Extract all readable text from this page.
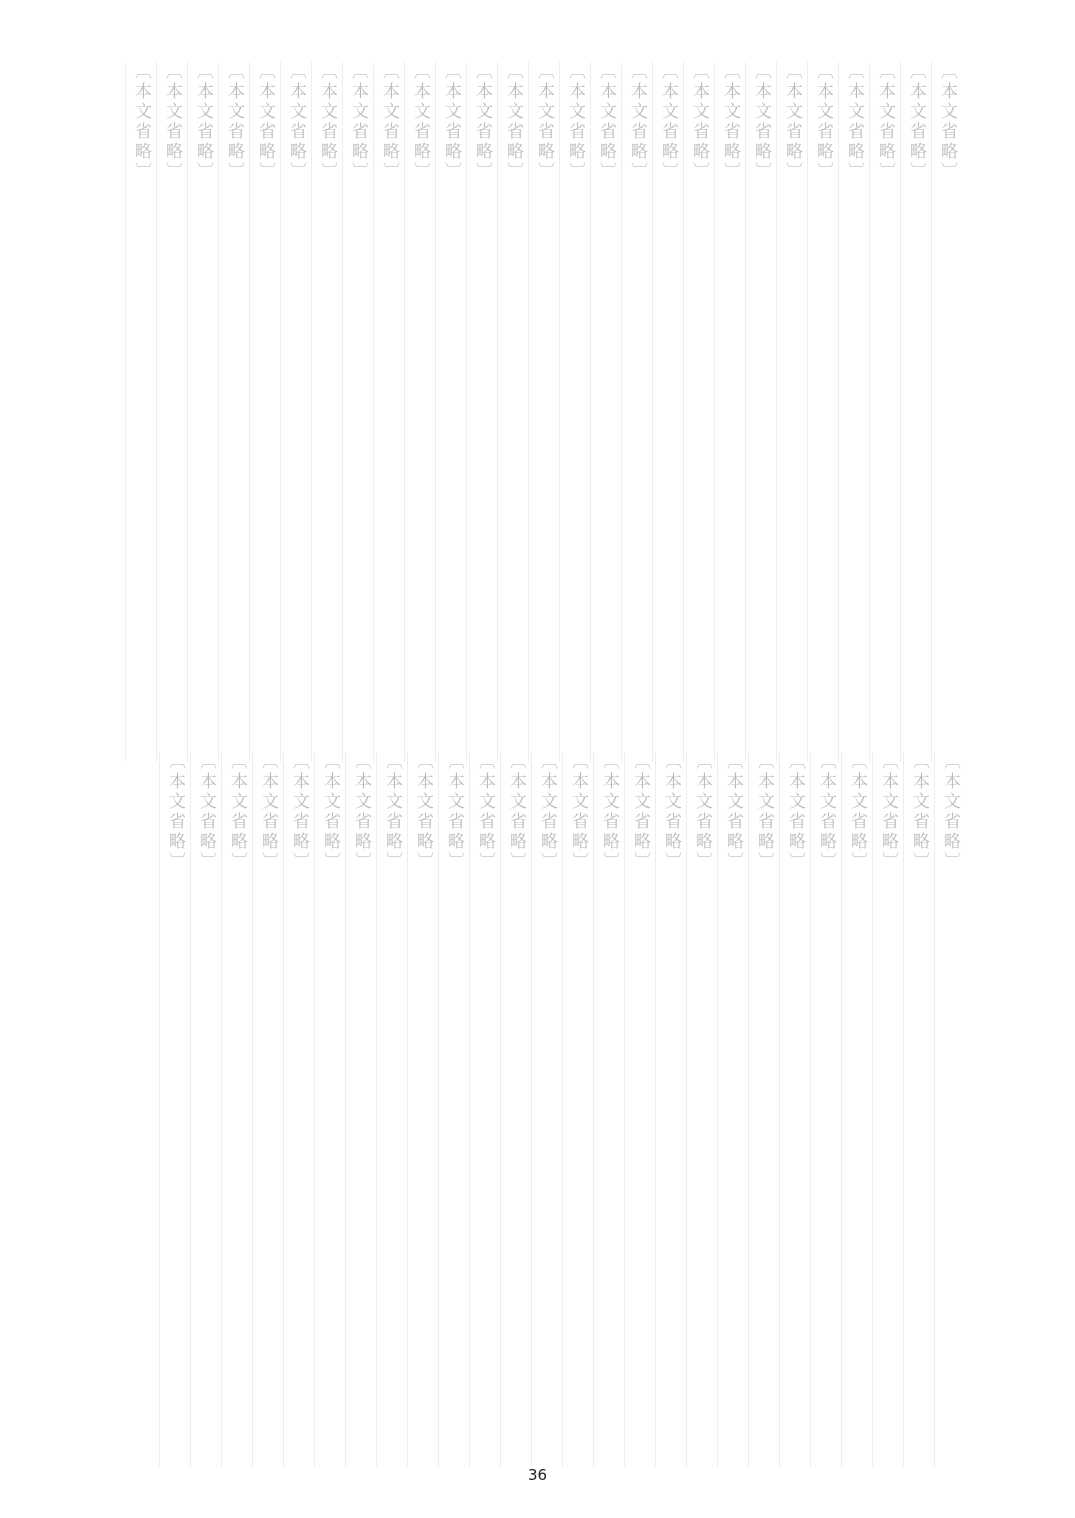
〔本文省略〕

〔本文省略〕

〔本文省略〕

〔本文省略〕

〔本文省略〕

〔本文省略〕

〔本文省略〕

〔本文省略〕

〔本文省略〕

〔本文省略〕

〔本文省略〕

〔本文省略〕

〔本文省略〕

〔本文省略〕

〔本文省略〕

〔本文省略〕

〔本文省略〕

〔本文省略〕

〔本文省略〕

〔本文省略〕

〔本文省略〕

〔本文省略〕

〔本文省略〕

〔本文省略〕

〔本文省略〕

〔本文省略〕

〔本文省略〕

〔本文省略〕

〔本文省略〕

〔本文省略〕

〔本文省略〕

〔本文省略〕

〔本文省略〕

〔本文省略〕

〔本文省略〕

〔本文省略〕

〔本文省略〕

〔本文省略〕

〔本文省略〕

〔本文省略〕

〔本文省略〕

〔本文省略〕

〔本文省略〕

〔本文省略〕

〔本文省略〕

〔本文省略〕

〔本文省略〕

〔本文省略〕

〔本文省略〕

〔本文省略〕

〔本文省略〕

〔本文省略〕

〔本文省略〕

36
